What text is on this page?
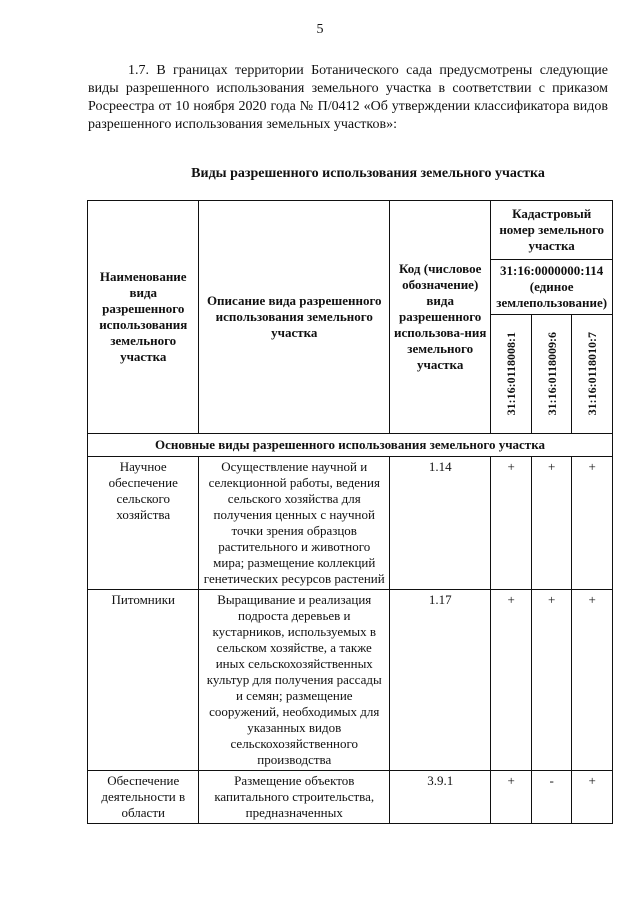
5

1.7. В границах территории Ботанического сада предусмотрены следующие виды разрешенного использования земельного участка в соответствии с приказом Росреестра от 10 ноября 2020 года № П/0412 «Об утверждении классификатора видов разрешенного использования земельных участков»:

Виды разрешенного использования земельного участка
Наименование вида разрешенного использования земельного участка	Описание вида разрешенного использования земельного участка	Код (числовое обозначение) вида разрешенного использова-ния земельного участка	Кадастровый номер земельного участка		
			31:16:0000000:114 (единое землепользование)		

			31:16:0118008:1	31:16:0118009:6	31:16:0118010:7

Основные виды разрешенного использования земельного участка					
Научное обеспечение сельского хозяйства	Осуществление научной и селекционной работы, ведения сельского хозяйства для получения ценных с научной точки зрения образцов растительного и животного мира; размещение коллекций генетических ресурсов растений	1.14	+	+	+
Питомники	Выращивание и реализация подроста деревьев и кустарников, используемых в сельском хозяйстве, а также иных сельскохозяйственных культур для получения рассады и семян; размещение сооружений, необходимых для указанных видов сельскохозяйственного производства	1.17	+	+	+
Обеспечение деятельности в области	Размещение объектов капитального строительства, предназначенных	3.9.1	+	-	+
